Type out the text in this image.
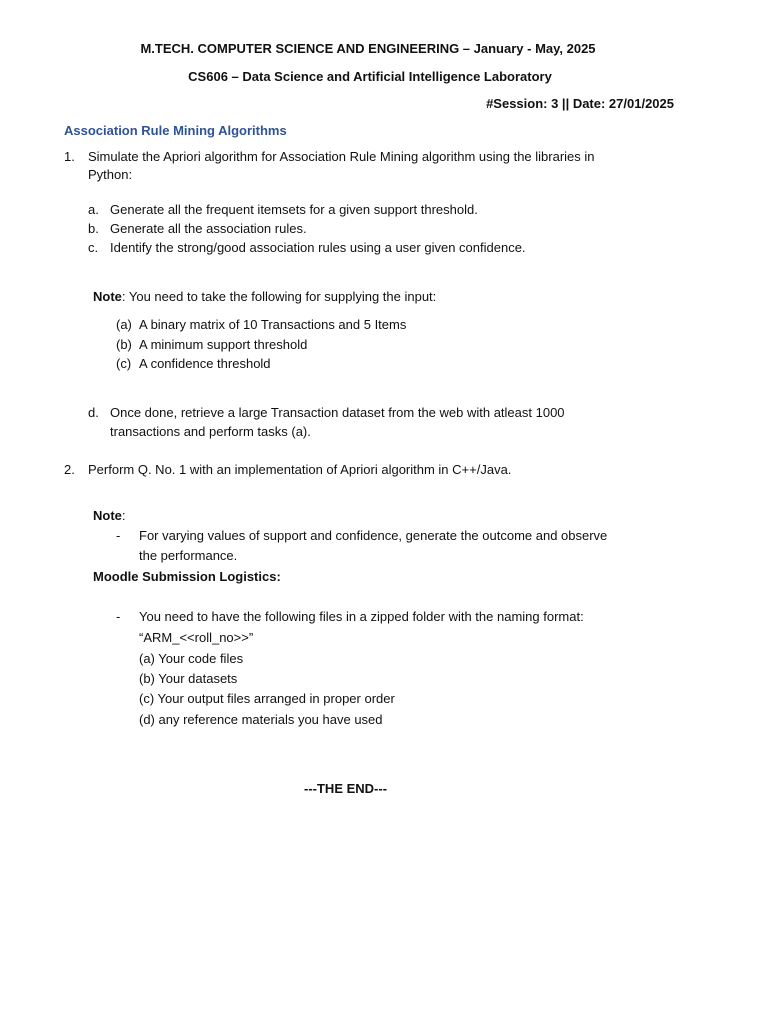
M.TECH. COMPUTER SCIENCE AND ENGINEERING – January - May, 2025
CS606 – Data Science and Artificial Intelligence Laboratory
#Session: 3 || Date: 27/01/2025
Association Rule Mining Algorithms
1. Simulate the Apriori algorithm for Association Rule Mining algorithm using the libraries in
Python:
a. Generate all the frequent itemsets for a given support threshold.
b. Generate all the association rules.
c. Identify the strong/good association rules using a user given confidence.
Note: You need to take the following for supplying the input:
(a) A binary matrix of 10 Transactions and 5 Items
(b) A minimum support threshold
(c) A confidence threshold
d. Once done, retrieve a large Transaction dataset from the web with atleast 1000
transactions and perform tasks (a).
2. Perform Q. No. 1 with an implementation of Apriori algorithm in C++/Java.
Note:
- For varying values of support and confidence, generate the outcome and observe
the performance.
Moodle Submission Logistics:
- You need to have the following files in a zipped folder with the naming format:
“ARM_<<roll_no>>”
(a) Your code files
(b) Your datasets
(c) Your output files arranged in proper order
(d) any reference materials you have used
---THE END---
